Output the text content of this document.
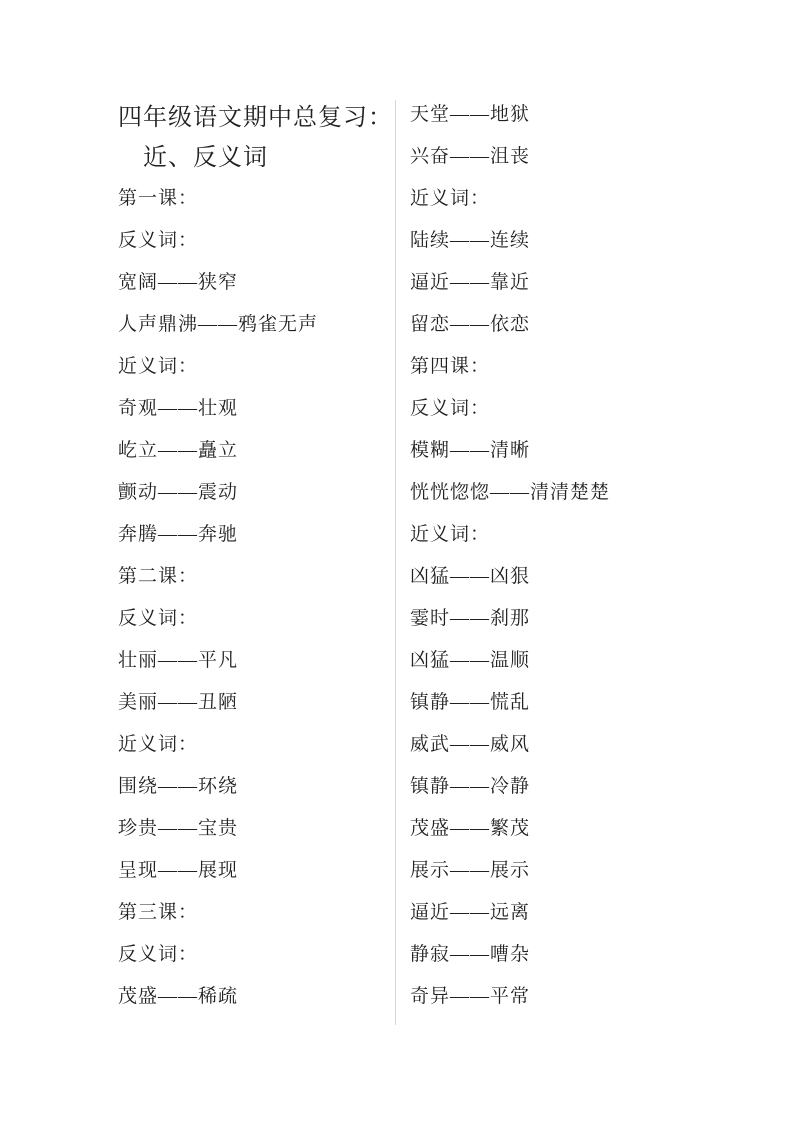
四年级语文期中总复习：
近、反义词
第一课：
反义词：
宽阔——狭窄
人声鼎沸——鸦雀无声
近义词：
奇观——壮观
屹立——矗立
颤动——震动
奔腾——奔驰
第二课：
反义词：
壮丽——平凡
美丽——丑陋
近义词：
围绕——环绕
珍贵——宝贵
呈现——展现
第三课：
反义词：
茂盛——稀疏
天堂——地狱
兴奋——沮丧
近义词：
陆续——连续
逼近——靠近
留恋——依恋
第四课：
反义词：
模糊——清晰
恍恍惚惚——清清楚楚
近义词：
凶猛——凶狠
霎时——刹那
凶猛——温顺
镇静——慌乱
威武——威风
镇静——冷静
茂盛——繁茂
展示——展示
逼近——远离
静寂——嘈杂
奇异——平常
